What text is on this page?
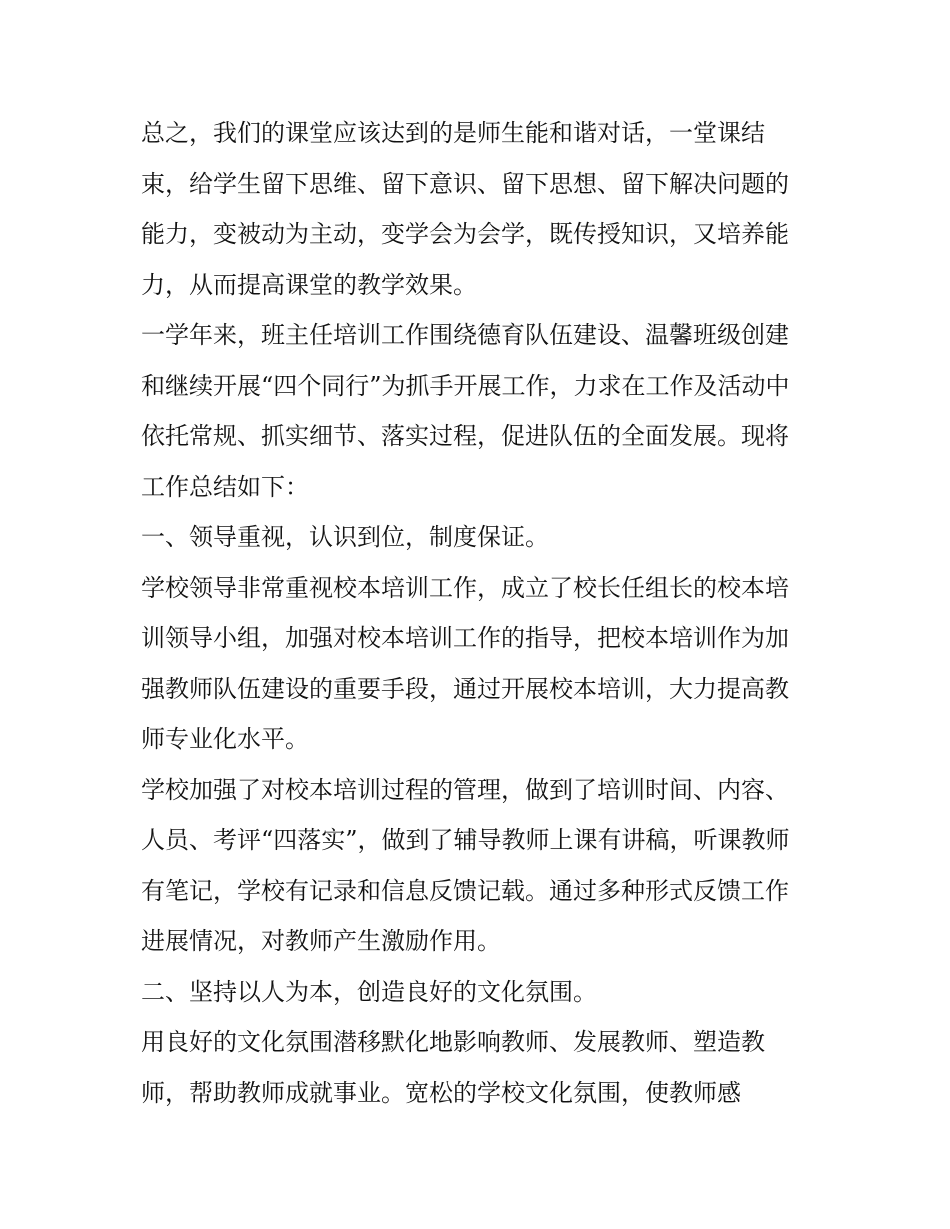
总之，我们的课堂应该达到的是师生能和谐对话，一堂课结
束，给学生留下思维、留下意识、留下思想、留下解决问题的
能力，变被动为主动，变学会为会学，既传授知识，又培养能
力，从而提高课堂的教学效果。

一学年来，班主任培训工作围绕德育队伍建设、温馨班级创建
和继续开展“四个同行”为抓手开展工作，力求在工作及活动中
依托常规、抓实细节、落实过程，促进队伍的全面发展。现将
工作总结如下：

一、领导重视，认识到位，制度保证。

学校领导非常重视校本培训工作，成立了校长任组长的校本培
训领导小组，加强对校本培训工作的指导，把校本培训作为加
强教师队伍建设的重要手段，通过开展校本培训，大力提高教
师专业化水平。

学校加强了对校本培训过程的管理，做到了培训时间、内容、
人员、考评“四落实”，做到了辅导教师上课有讲稿，听课教师
有笔记，学校有记录和信息反馈记载。通过多种形式反馈工作
进展情况，对教师产生激励作用。

二、坚持以人为本，创造良好的文化氛围。

用良好的文化氛围潜移默化地影响教师、发展教师、塑造教
师，帮助教师成就事业。宽松的学校文化氛围，使教师感
